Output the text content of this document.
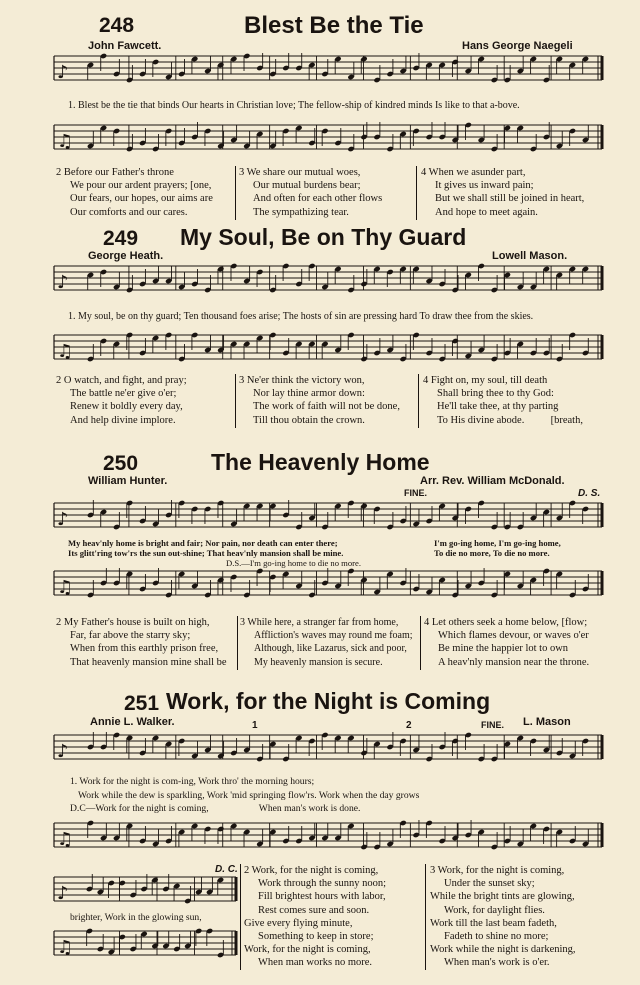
248	Blest Be the Tie
John Fawcett.	Hans George Naegeli
♪
1. Blest be the tie that binds Our hearts in Christian love; The fellow-ship of kindred minds Is like to that a-bove.
♫
2 Before our Father's throne
We pour our ardent prayers; [one,
Our fears, our hopes, our aims are
Our comforts and our cares.
3 We share our mutual woes,
Our mutual burdens bear;
And often for each other flows
The sympathizing tear.
4 When we asunder part,
It gives us inward pain;
But we shall still be joined in heart,
And hope to meet again.
249 My Soul, Be on Thy Guard
George Heath.	Lowell Mason.
♪
1. My soul, be on thy guard; Ten thousand foes arise; The hosts of sin are pressing hard To draw thee from the skies.
♫
2 O watch, and fight, and pray;
The battle ne'er give o'er;
Renew it boldly every day,
And help divine implore.
3 Ne'er think the victory won,
Nor lay thine armor down:
The work of faith will not be done,
Till thou obtain the crown.
4 Fight on, my soul, till death
Shall bring thee to thy God:
He'll take thee, at thy parting
To His divine abode.          [breath,
250	The Heavenly Home
William Hunter.	Arr. Rev. William McDonald.
FINE.	D. S.
♪
My heav'nly home is bright and fair; Nor pain, nor death can enter there;
Its glitt'ring tow'rs the sun out-shine; That heav'nly mansion shall be mine.
I'm go-ing home, I'm go-ing home,
To die no more, To die no more.
D.S.—I'm go-ing home to die no more.
♫
2 My Father's house is built on high,
Far, far above the starry sky;
When from this earthly prison free,
That heavenly mansion mine shall be
3 While here, a stranger far from home,
Affliction's waves may round me foam;
Although, like Lazarus, sick and poor,
My heavenly mansion is secure.
4 Let others seek a home below, [flow;
Which flames devour, or waves o'er
Be mine the happier lot to own
A heav'nly mansion near the throne.
251 Work, for the Night is Coming
Annie L. Walker.	L. Mason
FINE.
1	2
♪
1. Work for the night is com-ing, Work thro' the morning hours;
Work while the dew is sparkling, Work 'mid springing flow'rs. Work when the day grows
D.C—Work for the night is coming,                     When man's work is done.
♫
D. C.
♪
brighter, Work in the glowing sun,
♫
2 Work, for the night is coming,
Work through the sunny noon;
Fill brightest hours with labor,
Rest comes sure and soon.
Give every flying minute,
Something to keep in store;
Work, for the night is coming,
When man works no more.
3 Work, for the night is coming,
Under the sunset sky;
While the bright tints are glowing,
Work, for daylight flies.
Work till the last beam fadeth,
Fadeth to shine no more;
Work while the night is darkening,
When man's work is o'er.
